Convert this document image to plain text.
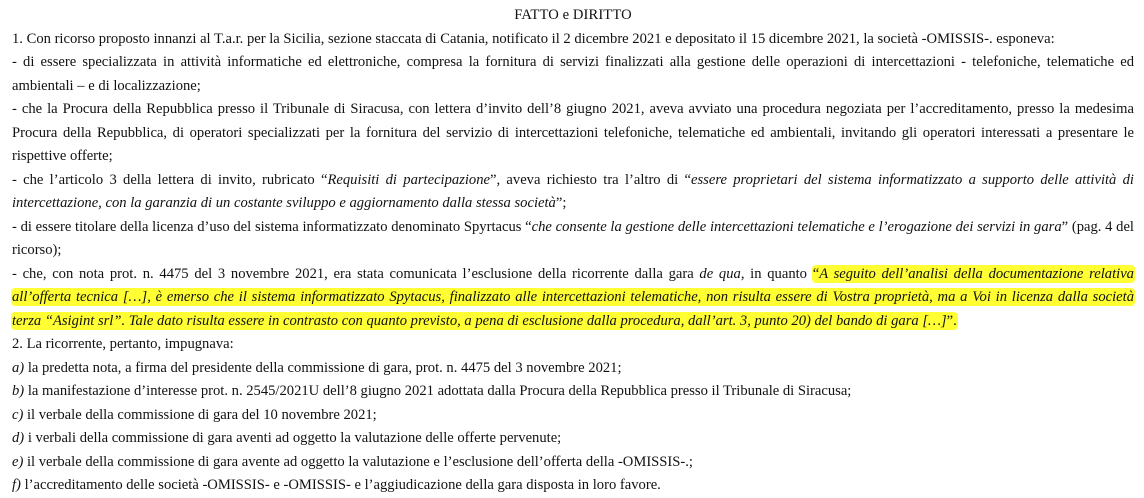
FATTO e DIRITTO

1. Con ricorso proposto innanzi al T.a.r. per la Sicilia, sezione staccata di Catania, notificato il 2 dicembre 2021 e depositato il 15 dicembre 2021, la società -OMISSIS-. esponeva:

- di essere specializzata in attività informatiche ed elettroniche, compresa la fornitura di servizi finalizzati alla gestione delle operazioni di intercettazioni - telefoniche, telematiche ed ambientali – e di localizzazione;

- che la Procura della Repubblica presso il Tribunale di Siracusa, con lettera d’invito dell’8 giugno 2021, aveva avviato una procedura negoziata per l’accreditamento, presso la medesima Procura della Repubblica, di operatori specializzati per la fornitura del servizio di intercettazioni telefoniche, telematiche ed ambientali, invitando gli operatori interessati a presentare le rispettive offerte;

- che l’articolo 3 della lettera di invito, rubricato “Requisiti di partecipazione”, aveva richiesto tra l’altro di “essere proprietari del sistema informatizzato a supporto delle attività di intercettazione, con la garanzia di un costante sviluppo e aggiornamento dalla stessa società”;

- di essere titolare della licenza d’uso del sistema informatizzato denominato Spyrtacus “che consente la gestione delle intercettazioni telematiche e l’erogazione dei servizi in gara” (pag. 4 del ricorso);

- che, con nota prot. n. 4475 del 3 novembre 2021, era stata comunicata l’esclusione della ricorrente dalla gara de qua, in quanto “A seguito dell’analisi della documentazione relativa all’offerta tecnica […], è emerso che il sistema informatizzato Spytacus, finalizzato alle intercettazioni telematiche, non risulta essere di Vostra proprietà, ma a Voi in licenza dalla società terza “Asigint srl”. Tale dato risulta essere in contrasto con quanto previsto, a pena di esclusione dalla procedura, dall’art. 3, punto 20) del bando di gara […]”.

2. La ricorrente, pertanto, impugnava:

a) la predetta nota, a firma del presidente della commissione di gara, prot. n. 4475 del 3 novembre 2021;

b) la manifestazione d’interesse prot. n. 2545/2021U dell’8 giugno 2021 adottata dalla Procura della Repubblica presso il Tribunale di Siracusa;

c) il verbale della commissione di gara del 10 novembre 2021;

d) i verbali della commissione di gara aventi ad oggetto la valutazione delle offerte pervenute;

e) il verbale della commissione di gara avente ad oggetto la valutazione e l’esclusione dell’offerta della -OMISSIS-.;

f) l’accreditamento delle società -OMISSIS- e -OMISSIS- e l’aggiudicazione della gara disposta in loro favore.
